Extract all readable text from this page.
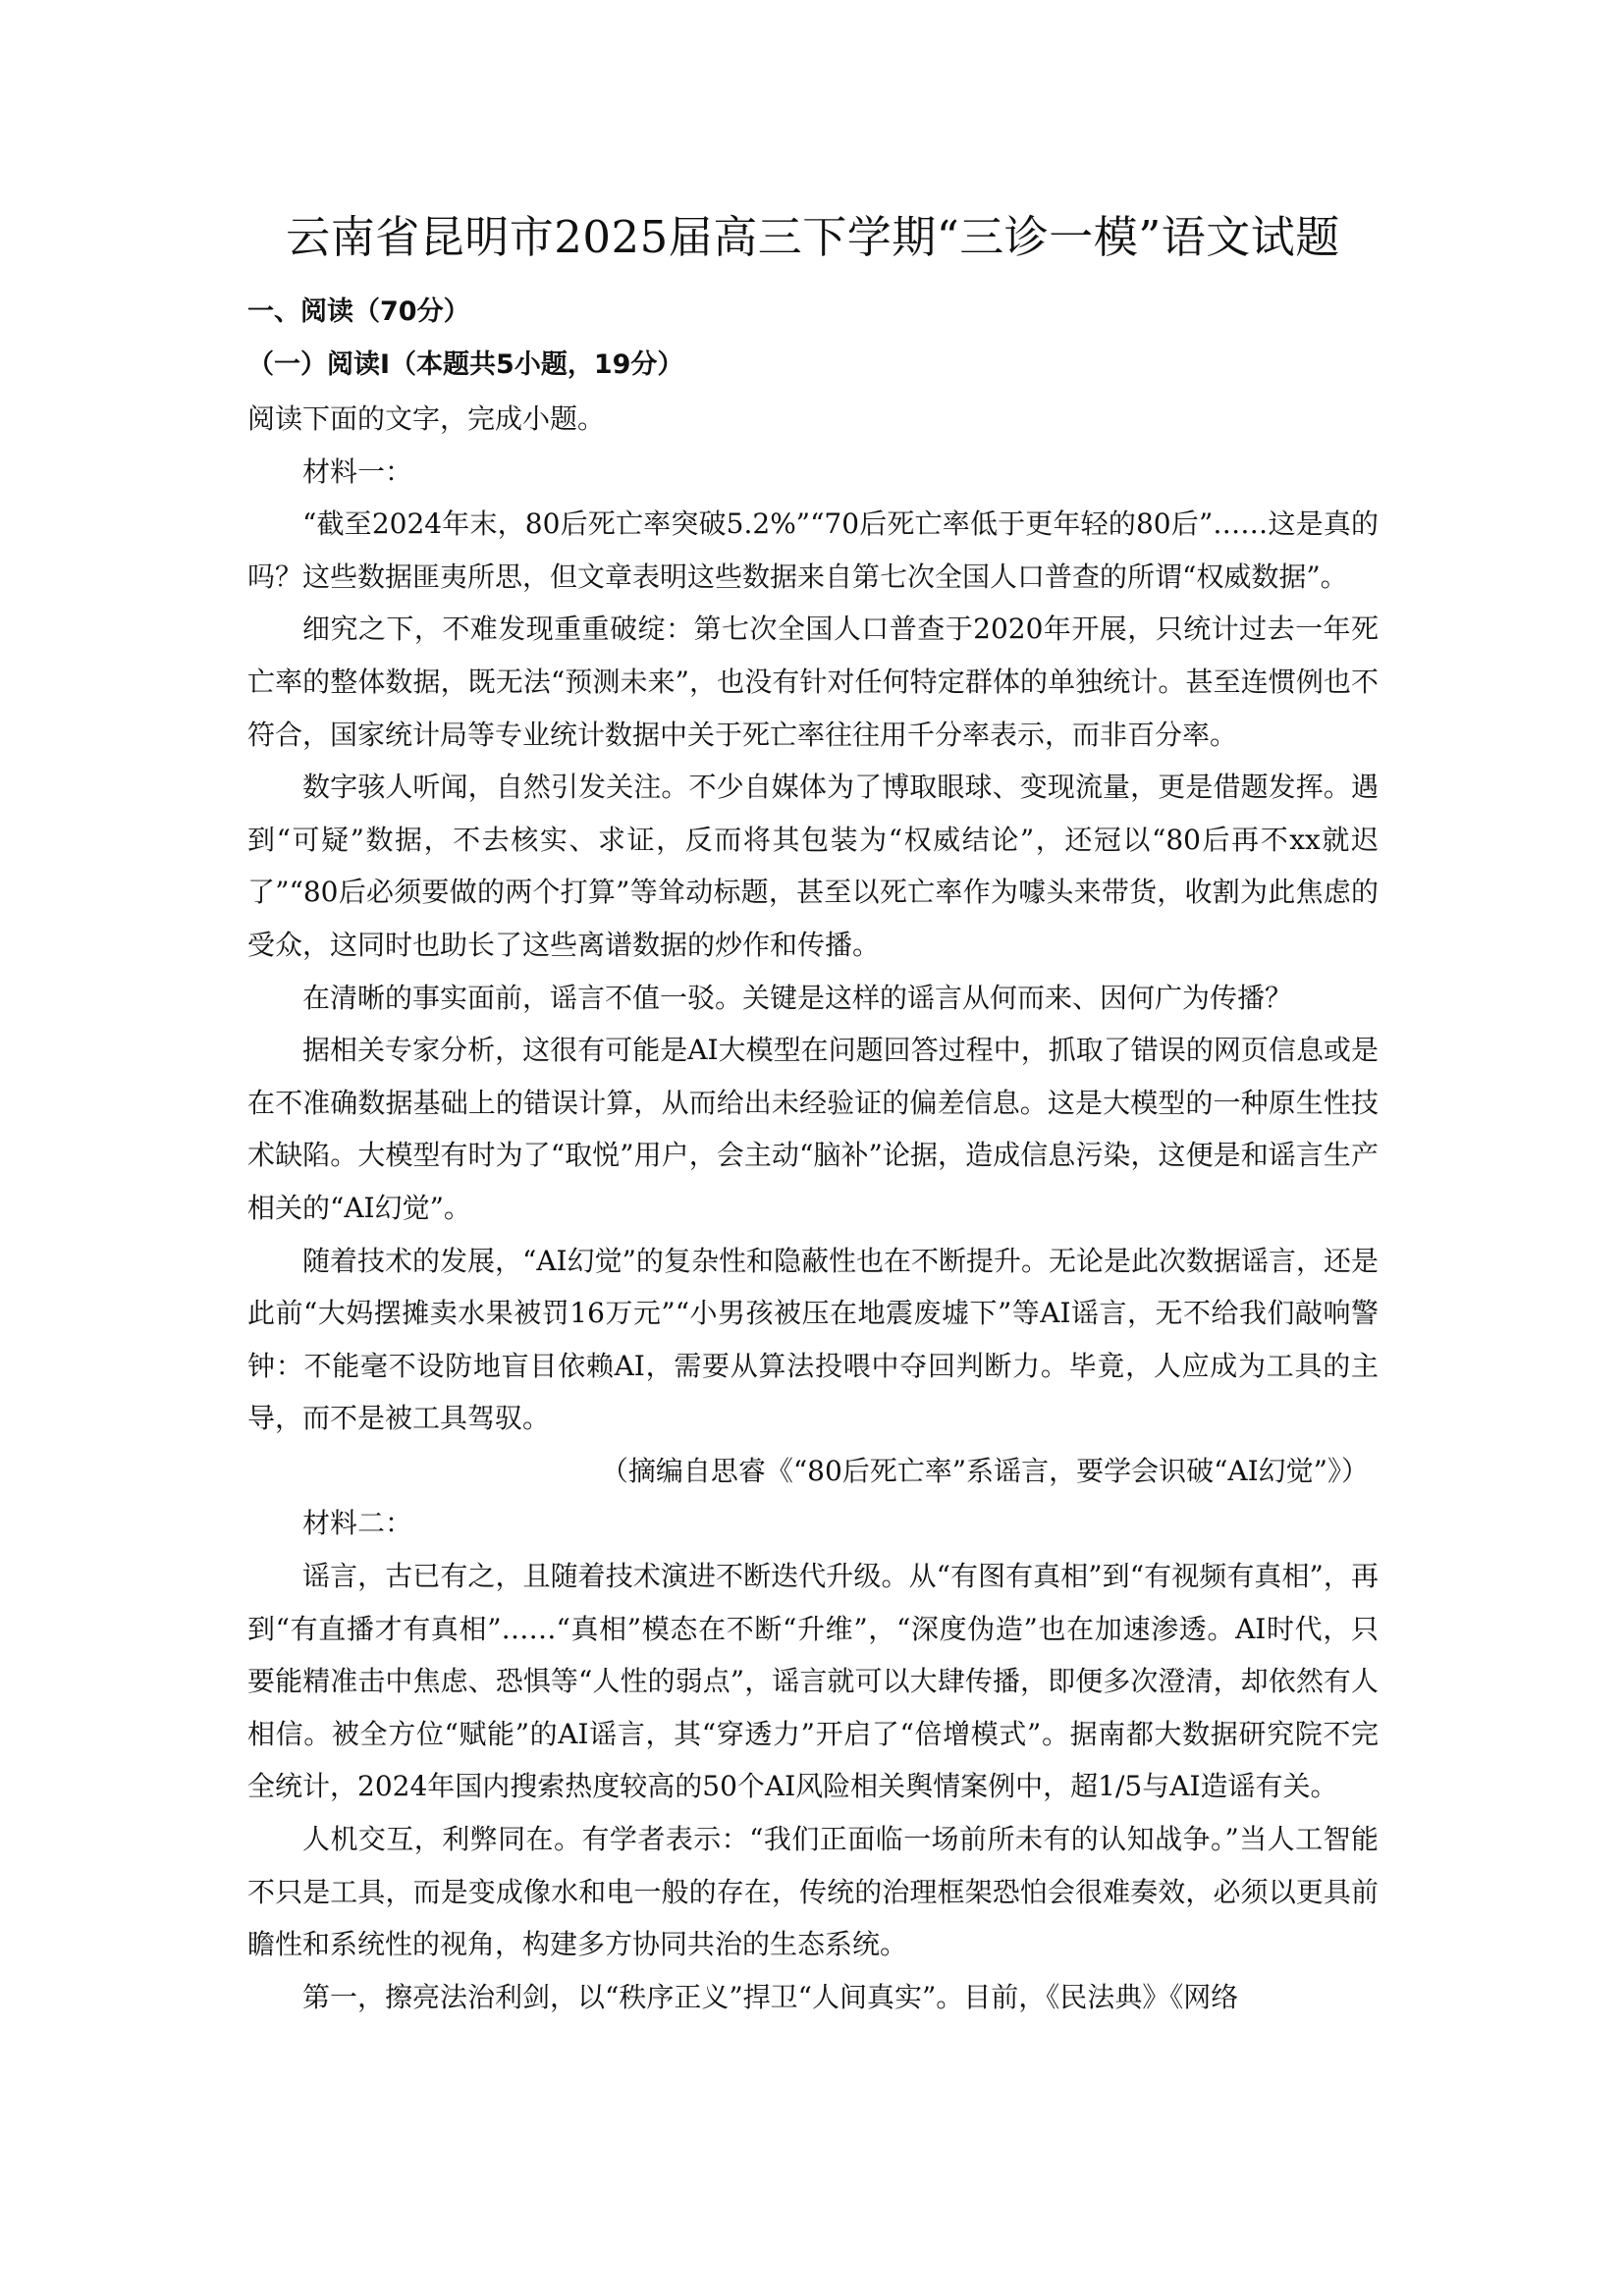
云南省昆明市2025届高三下学期“三诊一模”语文试题
一、阅读（70分）
（一）阅读Ⅰ（本题共5小题，19分）

阅读下面的文字，完成小题。

材料一：

“截至2024年末，80后死亡率突破5.2%”“70后死亡率低于更年轻的80后”……这是真的吗？这些数据匪夷所思，但文章表明这些数据来自第七次全国人口普查的所谓“权威数据”。

细究之下，不难发现重重破绽：第七次全国人口普查于2020年开展，只统计过去一年死亡率的整体数据，既无法“预测未来”，也没有针对任何特定群体的单独统计。甚至连惯例也不符合，国家统计局等专业统计数据中关于死亡率往往用千分率表示，而非百分率。

数字骇人听闻，自然引发关注。不少自媒体为了博取眼球、变现流量，更是借题发挥。遇到“可疑”数据，不去核实、求证，反而将其包装为“权威结论”，还冠以“80后再不xx就迟了”“80后必须要做的两个打算”等耸动标题，甚至以死亡率作为噱头来带货，收割为此焦虑的受众，这同时也助长了这些离谱数据的炒作和传播。

在清晰的事实面前，谣言不值一驳。关键是这样的谣言从何而来、因何广为传播？

据相关专家分析，这很有可能是AI大模型在问题回答过程中，抓取了错误的网页信息或是在不准确数据基础上的错误计算，从而给出未经验证的偏差信息。这是大模型的一种原生性技术缺陷。大模型有时为了“取悦”用户，会主动“脑补”论据，造成信息污染，这便是和谣言生产相关的“AI幻觉”。

随着技术的发展，“AI幻觉”的复杂性和隐蔽性也在不断提升。无论是此次数据谣言，还是此前“大妈摆摊卖水果被罚16万元”“小男孩被压在地震废墟下”等AI谣言，无不给我们敲响警钟：不能毫不设防地盲目依赖AI，需要从算法投喂中夺回判断力。毕竟，人应成为工具的主导，而不是被工具驾驭。

（摘编自思睿《“80后死亡率”系谣言，要学会识破“AI幻觉”》）

材料二：

谣言，古已有之，且随着技术演进不断迭代升级。从“有图有真相”到“有视频有真相”，再到“有直播才有真相”……“真相”模态在不断“升维”，“深度伪造”也在加速渗透。AI时代，只要能精准击中焦虑、恐惧等“人性的弱点”，谣言就可以大肆传播，即便多次澄清，却依然有人相信。被全方位“赋能”的AI谣言，其“穿透力”开启了“倍增模式”。据南都大数据研究院不完全统计，2024年国内搜索热度较高的50个AI风险相关舆情案例中，超1/5与AI造谣有关。

人机交互，利弊同在。有学者表示：“我们正面临一场前所未有的认知战争。”当人工智能不只是工具，而是变成像水和电一般的存在，传统的治理框架恐怕会很难奏效，必须以更具前瞻性和系统性的视角，构建多方协同共治的生态系统。

第一，擦亮法治利剑，以“秩序正义”捍卫“人间真实”。目前，《民法典》《网络
